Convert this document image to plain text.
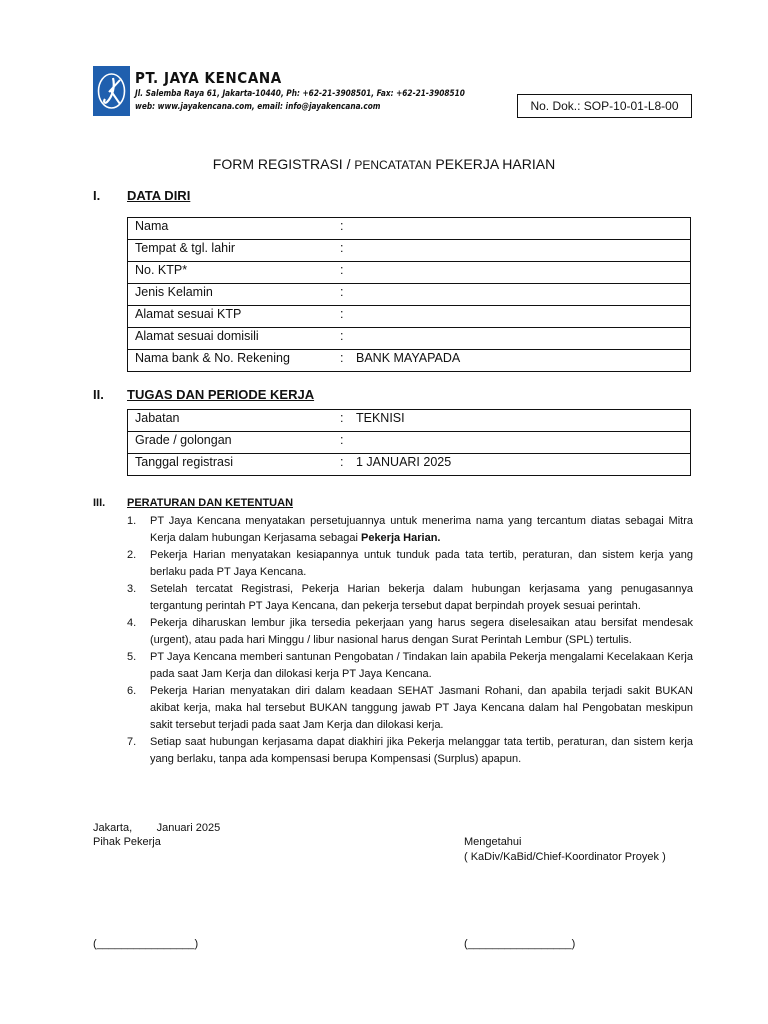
PT. JAYA KENCANA
Jl. Salemba Raya 61, Jakarta-10440, Ph: +62-21-3908501, Fax: +62-21-3908510
web: www.jayakencana.com, email: info@jayakencana.com	No. Dok.: SOP-10-01-L8-00
FORM REGISTRASI / PENCATATAN PEKERJA HARIAN
I. DATA DIRI
Nama	:	
Tempat & tgl. lahir	:	
No. KTP*	:	
Jenis Kelamin	:	
Alamat sesuai KTP	:	
Alamat sesuai domisili	:	
Nama bank & No. Rekening	:	BANK MAYAPADA
II. TUGAS DAN PERIODE KERJA
Jabatan	:	TEKNISI
Grade / golongan	:	
Tanggal registrasi	:	1 JANUARI 2025
III. PERATURAN DAN KETENTUAN
1. PT Jaya Kencana menyatakan persetujuannya untuk menerima nama yang tercantum diatas sebagai Mitra Kerja dalam hubungan Kerjasama sebagai Pekerja Harian.
2. Pekerja Harian menyatakan kesiapannya untuk tunduk pada tata tertib, peraturan, dan sistem kerja yang berlaku pada PT Jaya Kencana.
3. Setelah tercatat Registrasi, Pekerja Harian bekerja dalam hubungan kerjasama yang penugasannya tergantung perintah PT Jaya Kencana, dan pekerja tersebut dapat berpindah proyek sesuai perintah.
4. Pekerja diharuskan lembur jika tersedia pekerjaan yang harus segera diselesaikan atau bersifat mendesak (urgent), atau pada hari Minggu / libur nasional harus dengan Surat Perintah Lembur (SPL) tertulis.
5. PT Jaya Kencana memberi santunan Pengobatan / Tindakan lain apabila Pekerja mengalami Kecelakaan Kerja pada saat Jam Kerja dan dilokasi kerja PT Jaya Kencana.
6. Pekerja Harian menyatakan diri dalam keadaan SEHAT Jasmani Rohani, dan apabila terjadi sakit BUKAN akibat kerja, maka hal tersebut BUKAN tanggung jawab PT Jaya Kencana dalam hal Pengobatan meskipun sakit tersebut terjadi pada saat Jam Kerja dan dilokasi kerja.
7. Setiap saat hubungan kerjasama dapat diakhiri jika Pekerja melanggar tata tertib, peraturan, dan sistem kerja yang berlaku, tanpa ada kompensasi berupa Kompensasi (Surplus) apapun.
Jakarta,        Januari 2025
Pihak Pekerja	Mengetahui
( KaDiv/KaBid/Chief-Koordinator Proyek )
(________________)	(_________________)
